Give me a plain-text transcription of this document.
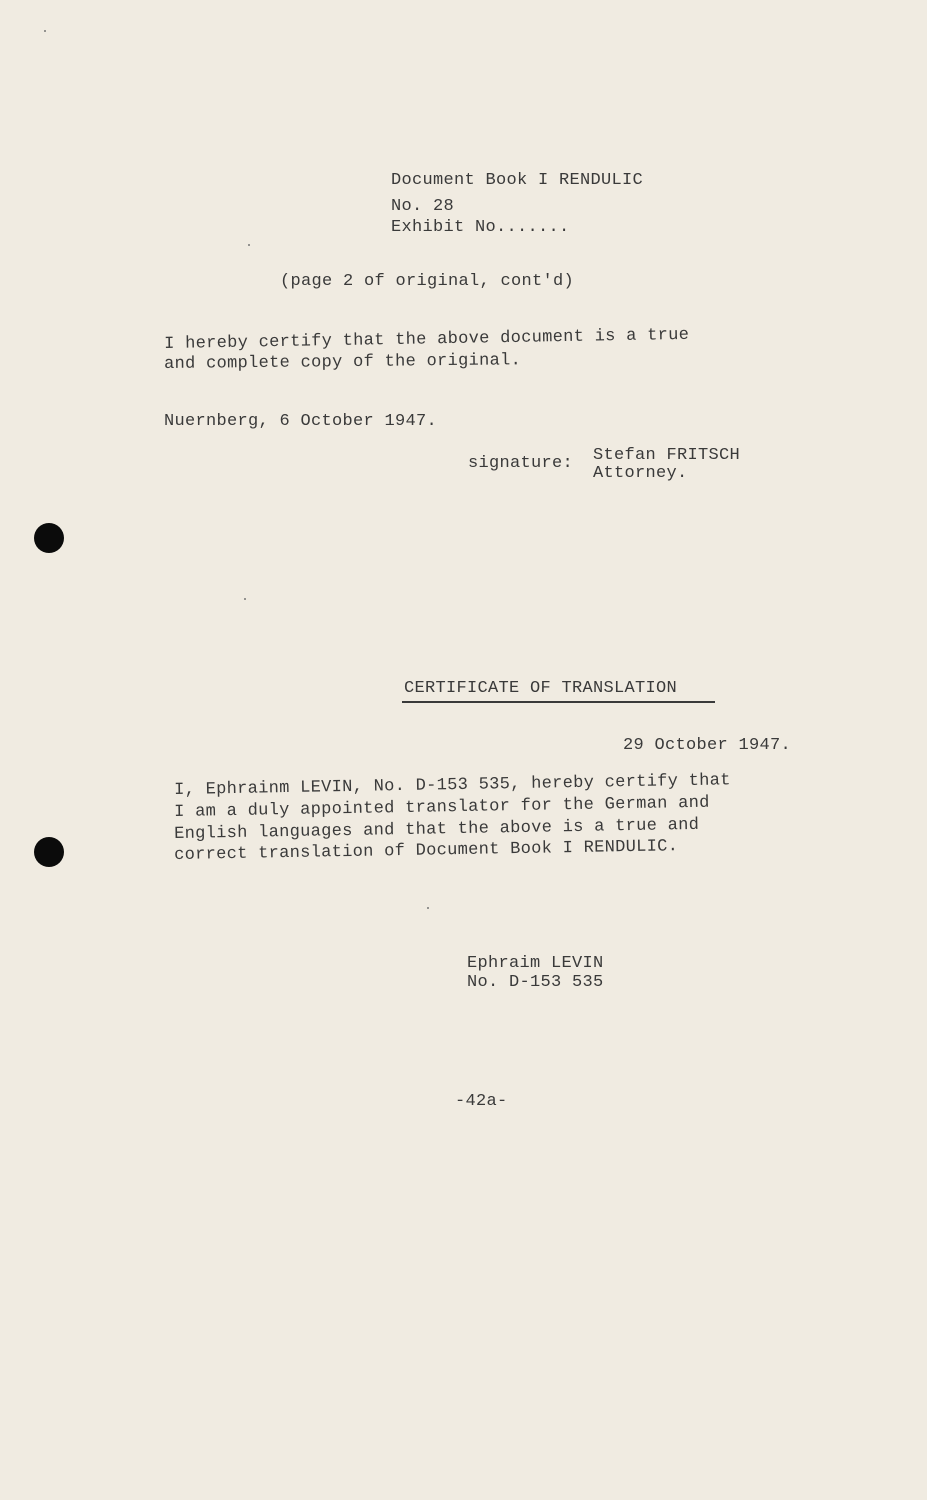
Document Book I RENDULIC
No. 28
Exhibit No.......
(page 2 of original, cont'd)
I hereby certify that the above document is a true
and complete copy of the original.
Nuernberg, 6 October 1947.
signature: Stefan FRITSCH
Attorney.
CERTIFICATE OF TRANSLATION
29 October 1947.
I, Ephrainm LEVIN, No. D-153 535, hereby certify that
I am a duly appointed translator for the German and
English languages and that the above is a true and
correct translation of Document Book I RENDULIC.
Ephraim LEVIN
No. D-153 535
-42a-
